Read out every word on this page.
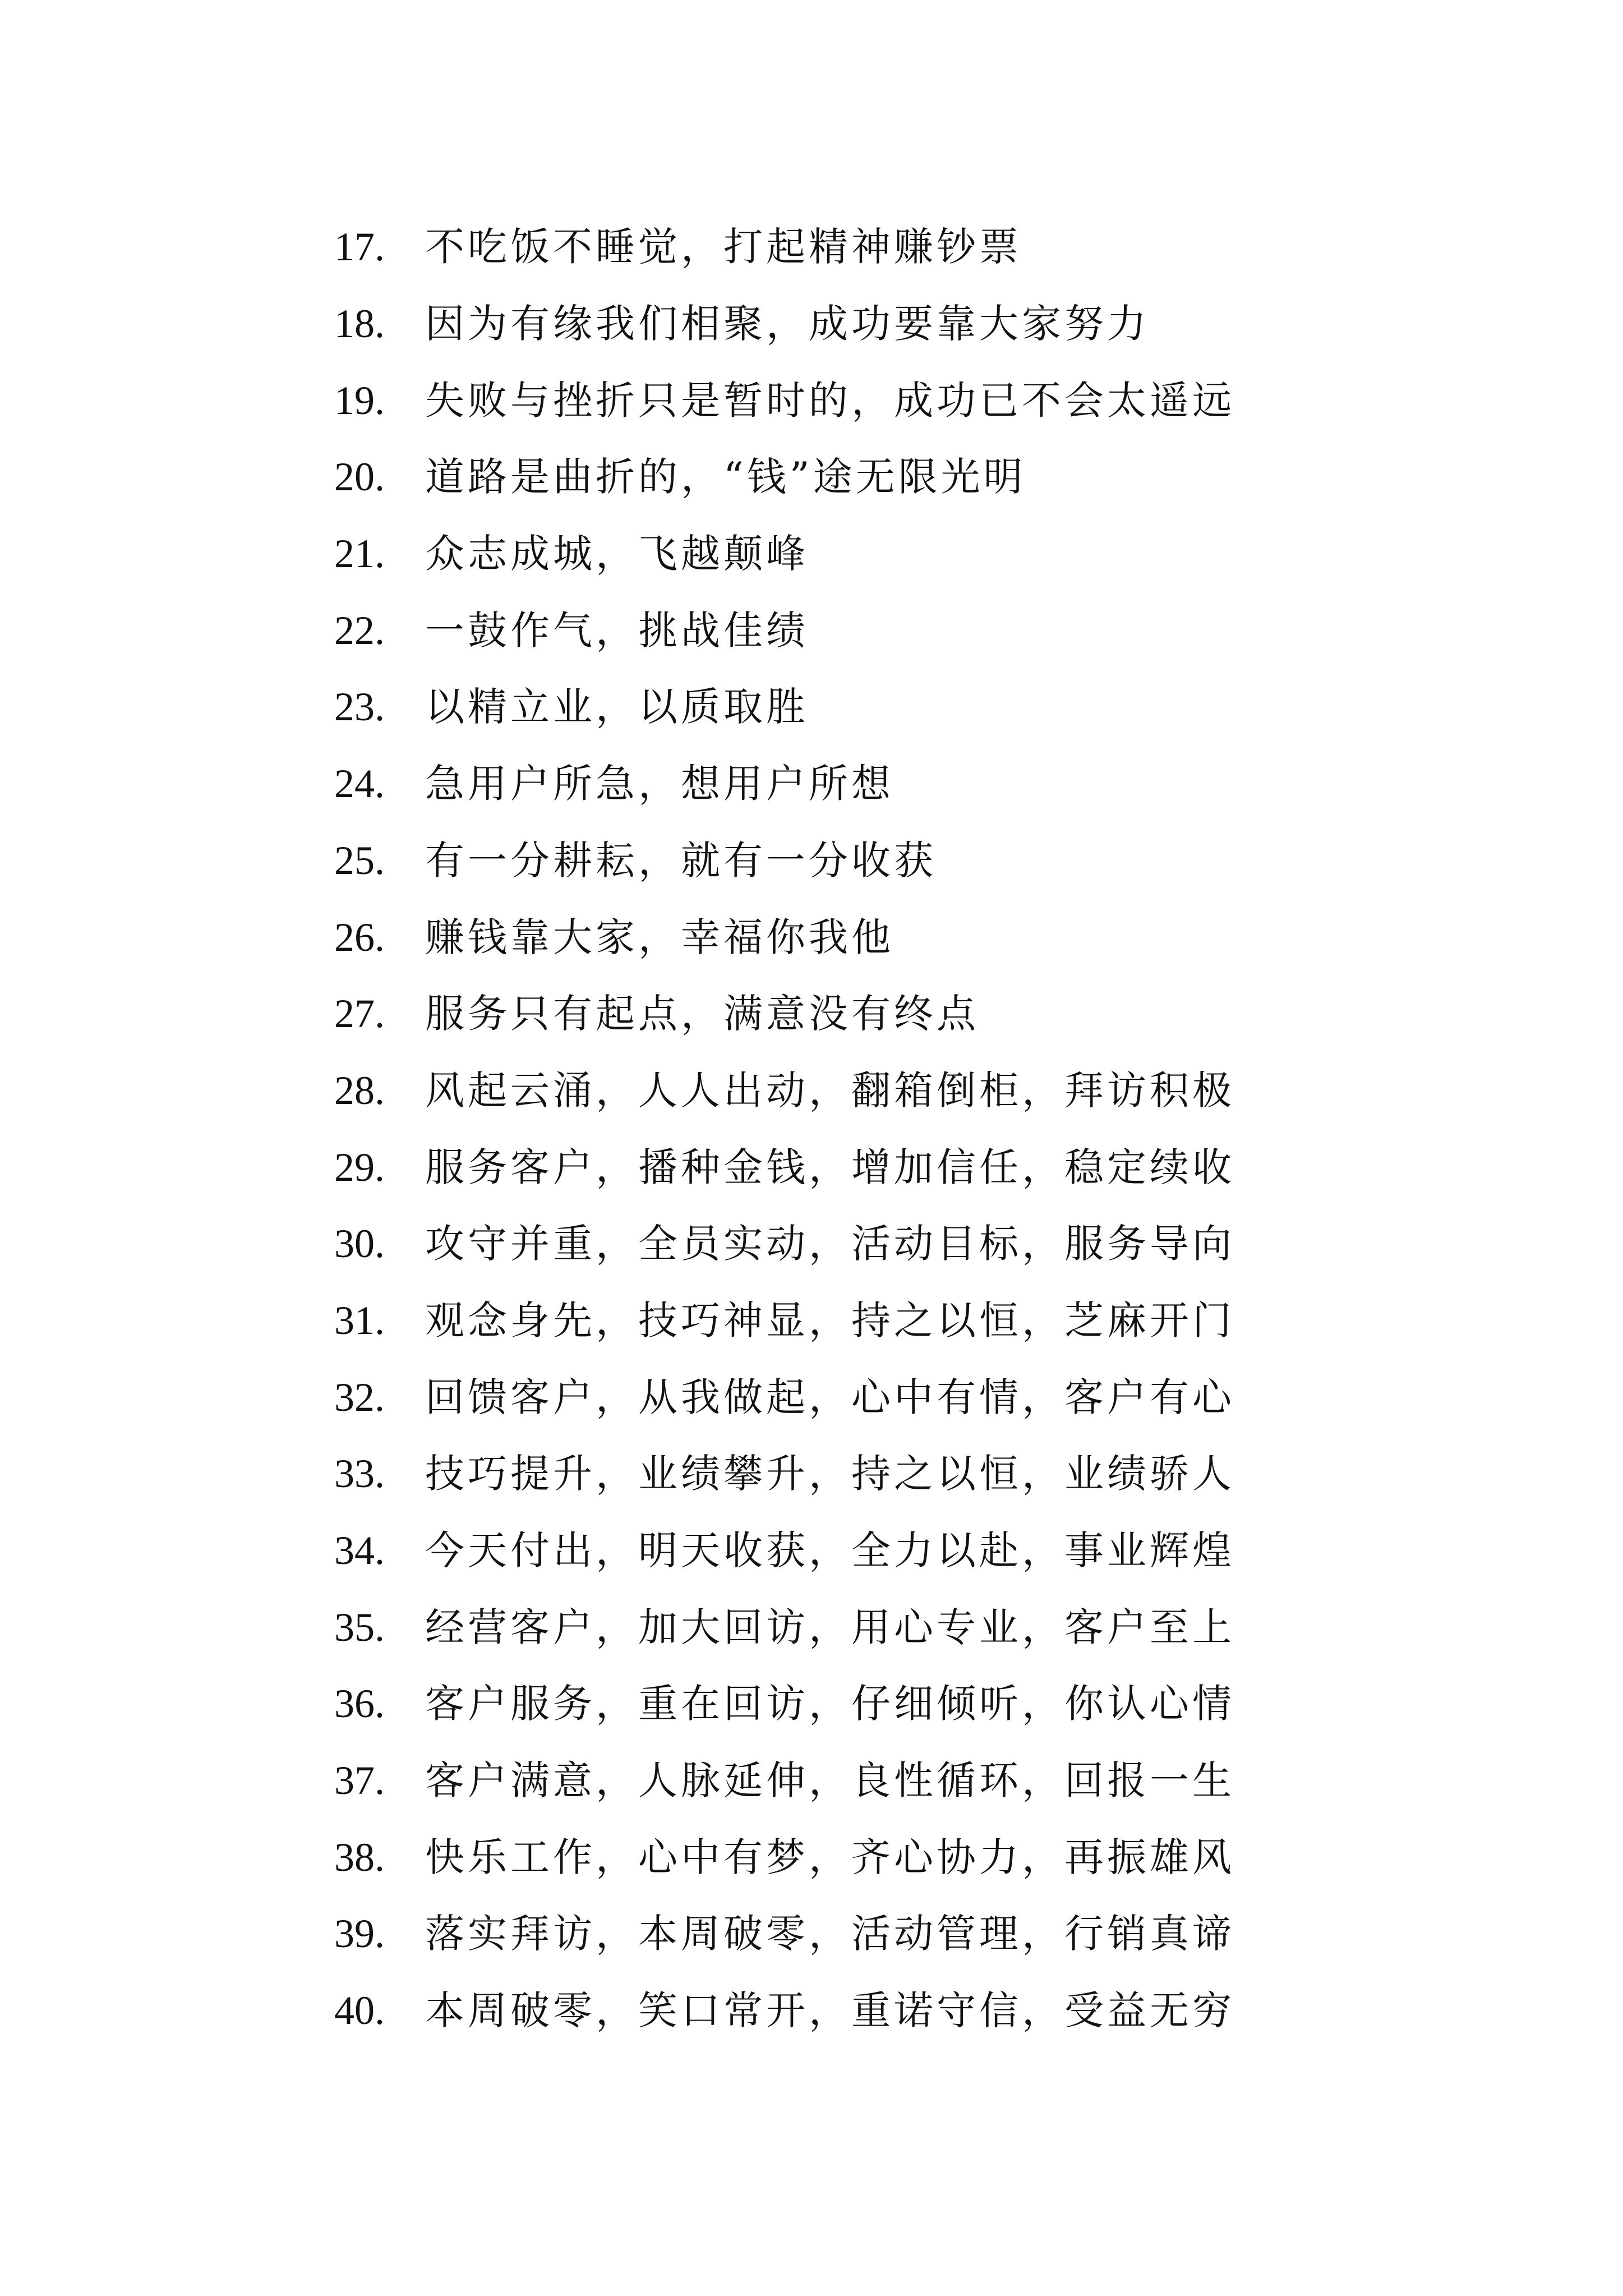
17.	不吃饭不睡觉，打起精神赚钞票
18.	因为有缘我们相聚，成功要靠大家努力
19.	失败与挫折只是暂时的，成功已不会太遥远
20.	道路是曲折的，“钱”途无限光明
21.	众志成城，飞越颠峰
22.	一鼓作气，挑战佳绩
23.	以精立业，以质取胜
24.	急用户所急，想用户所想
25.	有一分耕耘，就有一分收获
26.	赚钱靠大家，幸福你我他
27.	服务只有起点，满意没有终点
28.	风起云涌，人人出动，翻箱倒柜，拜访积极
29.	服务客户，播种金钱，增加信任，稳定续收
30.	攻守并重，全员实动，活动目标，服务导向
31.	观念身先，技巧神显，持之以恒，芝麻开门
32.	回馈客户，从我做起，心中有情，客户有心
33.	技巧提升，业绩攀升，持之以恒，业绩骄人
34.	今天付出，明天收获，全力以赴，事业辉煌
35.	经营客户，加大回访，用心专业，客户至上
36.	客户服务，重在回访，仔细倾听，你认心情
37.	客户满意，人脉延伸，良性循环，回报一生
38.	快乐工作，心中有梦，齐心协力，再振雄风
39.	落实拜访，本周破零，活动管理，行销真谛
40.	本周破零，笑口常开，重诺守信，受益无穷
